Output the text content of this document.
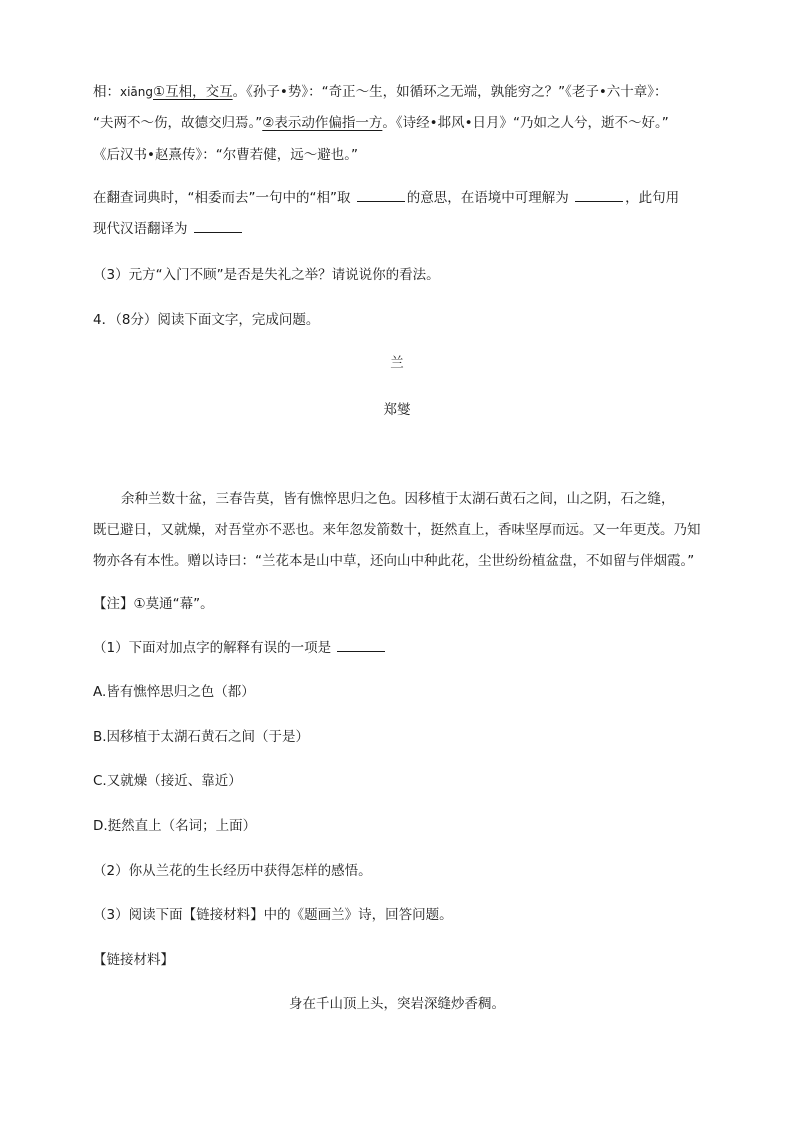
相：xiāng①互相，交互。《孙子•势》：“奇正～生，如循环之无端，孰能穷之？”《老子•六十章》：
“夫两不～伤，故德交归焉。”②表示动作偏指一方。《诗经•邶风•日月》“乃如之人兮，逝不～好。”
《后汉书•赵熹传》：“尔曹若健，远～避也。”
在翻查词典时，“相委而去”一句中的“相”取	的意思，在语境中可理解为	，此句用
现代汉语翻译为
（3）元方“入门不顾”是否是失礼之举？请说说你的看法。
4．（8分）阅读下面文字，完成问题。
兰
郑燮
余种兰数十盆，三春告莫，皆有憔悴思归之色。因移植于太湖石黄石之间，山之阴，石之缝，
既已避日，又就燥，对吾堂亦不恶也。来年忽发箭数十，挺然直上，香味坚厚而远。又一年更茂。乃知
物亦各有本性。赠以诗曰：“兰花本是山中草，还向山中种此花，尘世纷纷植盆盘，不如留与伴烟霞。”
【注】①莫通“幕”。
（1）下面对加点字的解释有误的一项是
A.皆有憔悴思归之色（都）
B.因移植于太湖石黄石之间（于是）
C.又就燥（接近、靠近）
D.挺然直上（名词；上面）
（2）你从兰花的生长经历中获得怎样的感悟。
（3）阅读下面【链接材料】中的《题画兰》诗，回答问题。
【链接材料】
身在千山顶上头，突岩深缝炒香稠。
